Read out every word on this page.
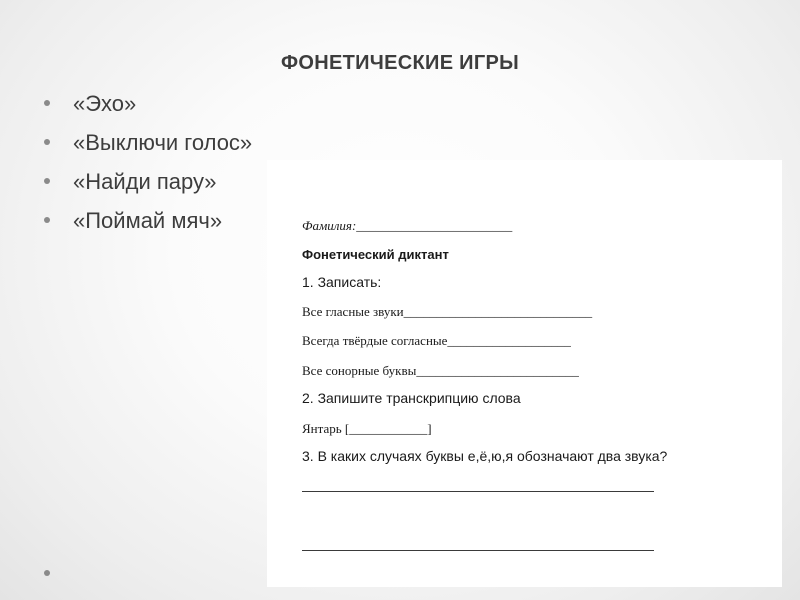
ФОНЕТИЧЕСКИЕ ИГРЫ
«Эхо»
«Выключи голос»
«Найди пару»
«Поймай мяч»	Фамилия:________________________
Фонетический диктант
1. Записать:
Все гласные звуки_____________________________
Всегда твёрдые согласные___________________
Все сонорные буквы_________________________
2. Запишите транскрипцию слова
Янтарь [____________]
3. В каких случаях буквы е,ё,ю,я обозначают два звука?
